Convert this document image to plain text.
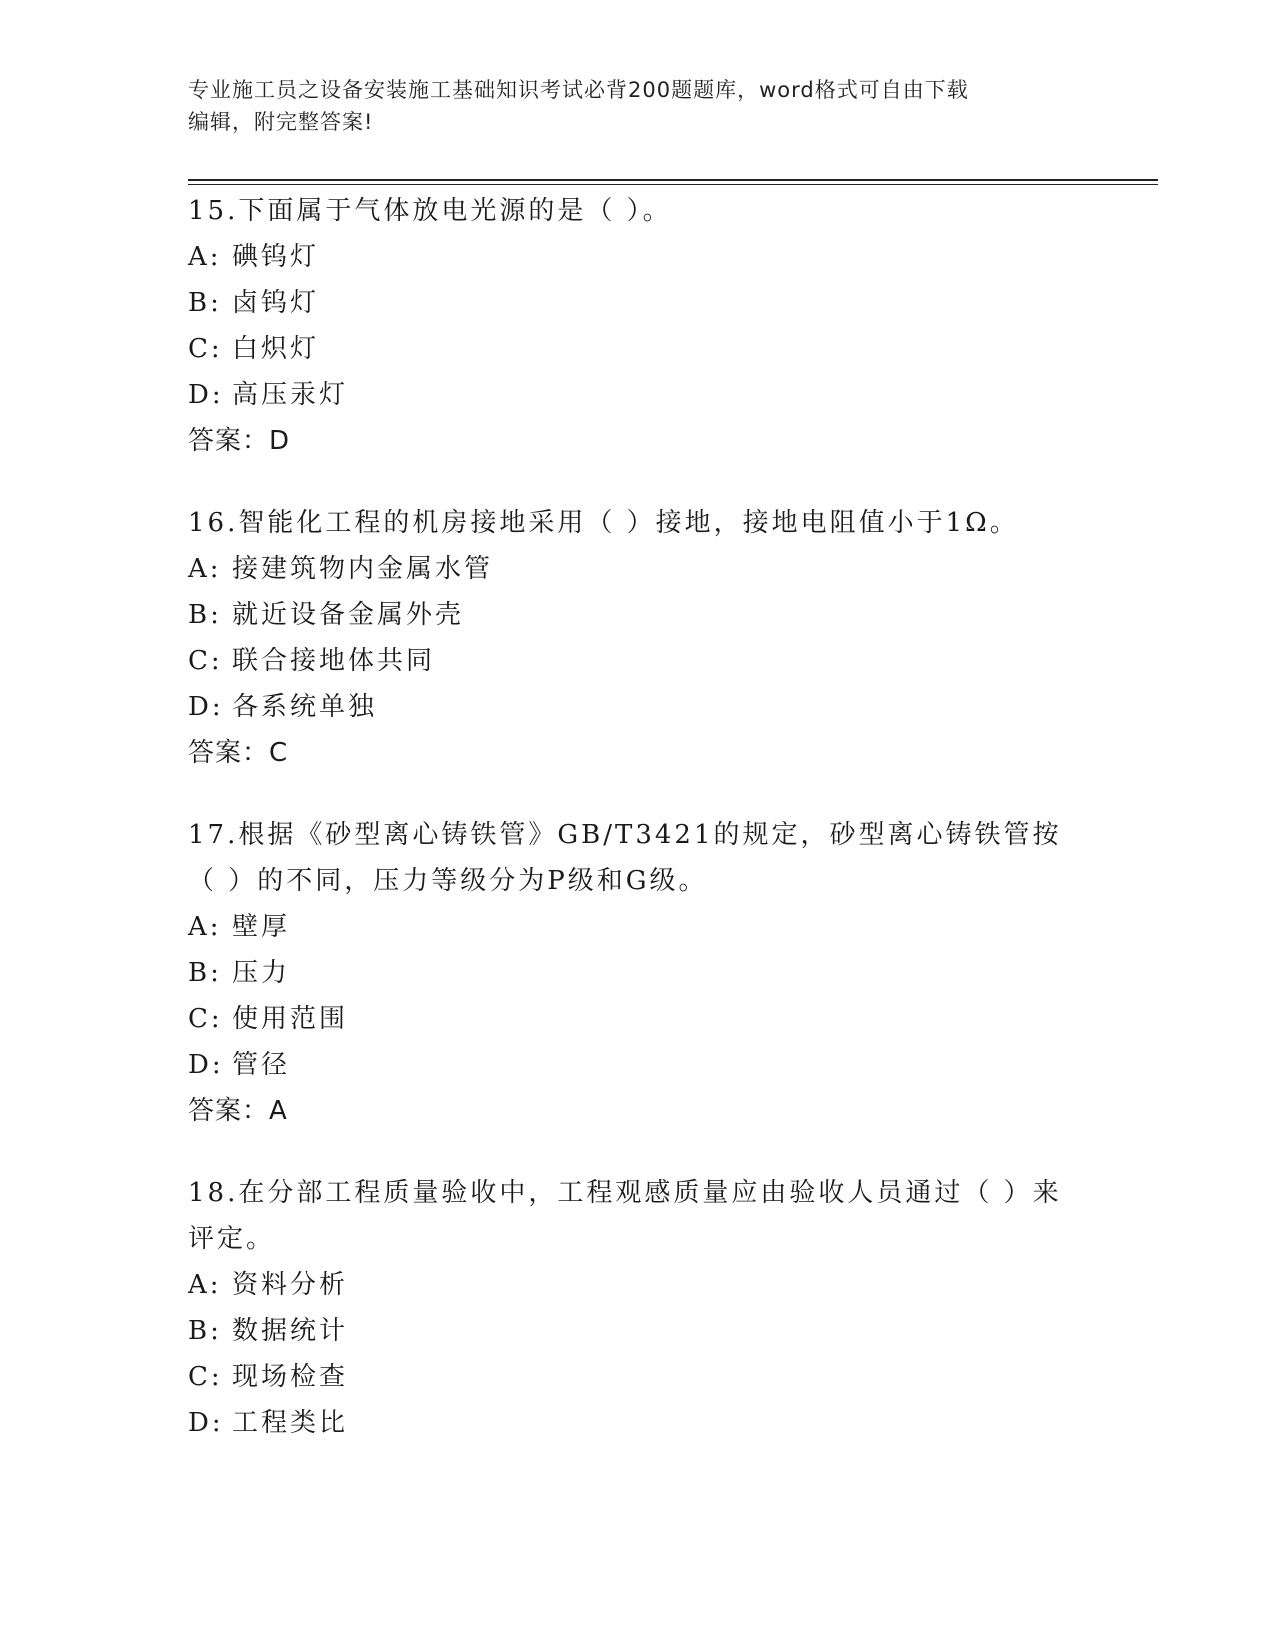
专业施工员之设备安装施工基础知识考试必背200题题库，word格式可自由下载
编辑，附完整答案!
15.下面属于气体放电光源的是（ ）。
A: 碘钨灯
B: 卤钨灯
C: 白炽灯
D: 高压汞灯
答案：D
16.智能化工程的机房接地采用（ ）接地，接地电阻值小于1Ω。
A: 接建筑物内金属水管
B: 就近设备金属外壳
C: 联合接地体共同
D: 各系统单独
答案：C
17.根据《砂型离心铸铁管》GB/T3421的规定，砂型离心铸铁管按（ ）的不同，压力等级分为P级和G级。
A: 壁厚
B: 压力
C: 使用范围
D: 管径
答案：A
18.在分部工程质量验收中，工程观感质量应由验收人员通过（ ）来评定。
A: 资料分析
B: 数据统计
C: 现场检查
D: 工程类比
